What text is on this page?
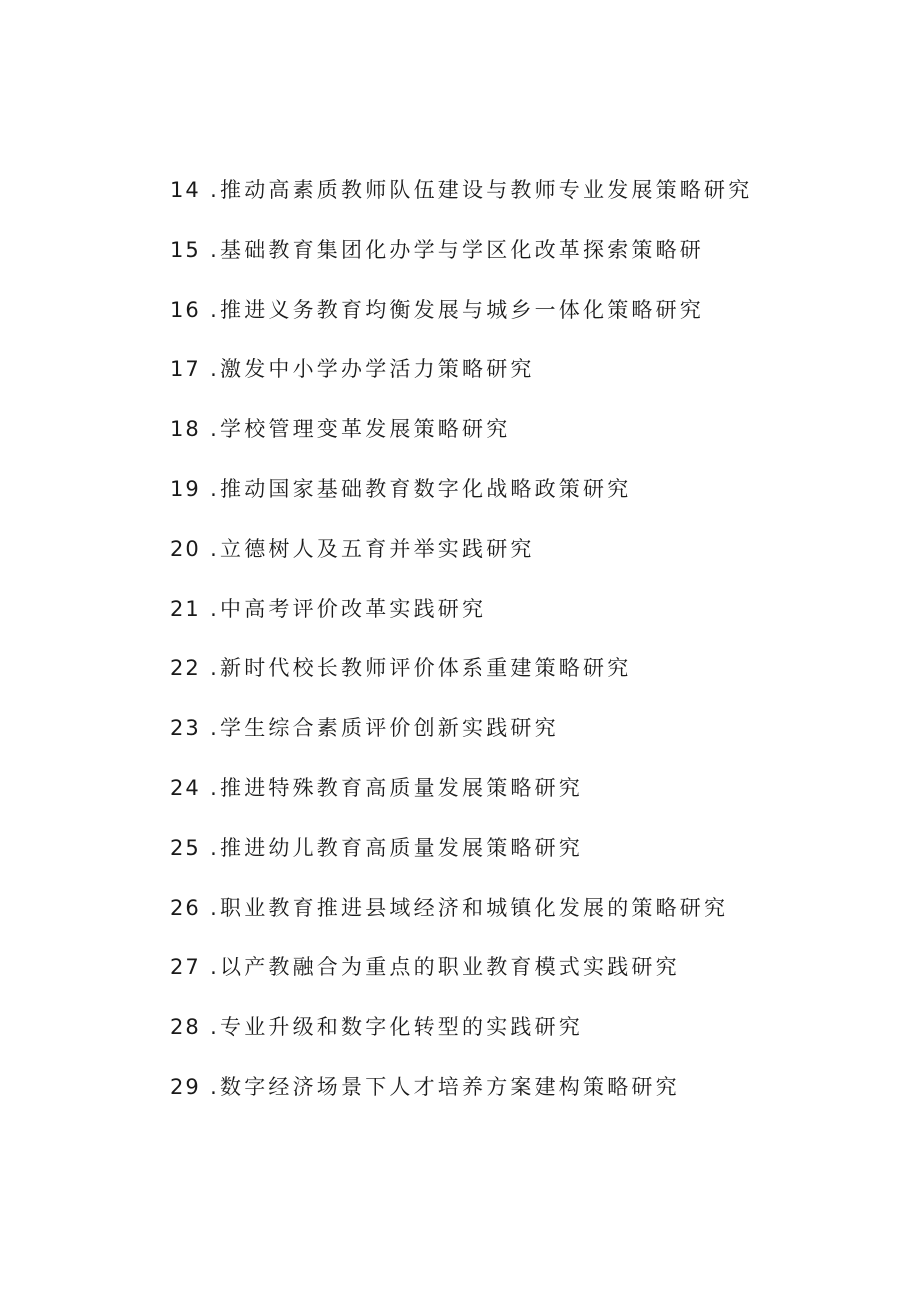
14 .推动高素质教师队伍建设与教师专业发展策略研究
15 .基础教育集团化办学与学区化改革探索策略研
16 .推进义务教育均衡发展与城乡一体化策略研究
17 .激发中小学办学活力策略研究
18 .学校管理变革发展策略研究
19 .推动国家基础教育数字化战略政策研究
20 .立德树人及五育并举实践研究
21 .中高考评价改革实践研究
22 .新时代校长教师评价体系重建策略研究
23 .学生综合素质评价创新实践研究
24 .推进特殊教育高质量发展策略研究
25 .推进幼儿教育高质量发展策略研究
26 .职业教育推进县域经济和城镇化发展的策略研究
27 .以产教融合为重点的职业教育模式实践研究
28 .专业升级和数字化转型的实践研究
29 .数字经济场景下人才培养方案建构策略研究
